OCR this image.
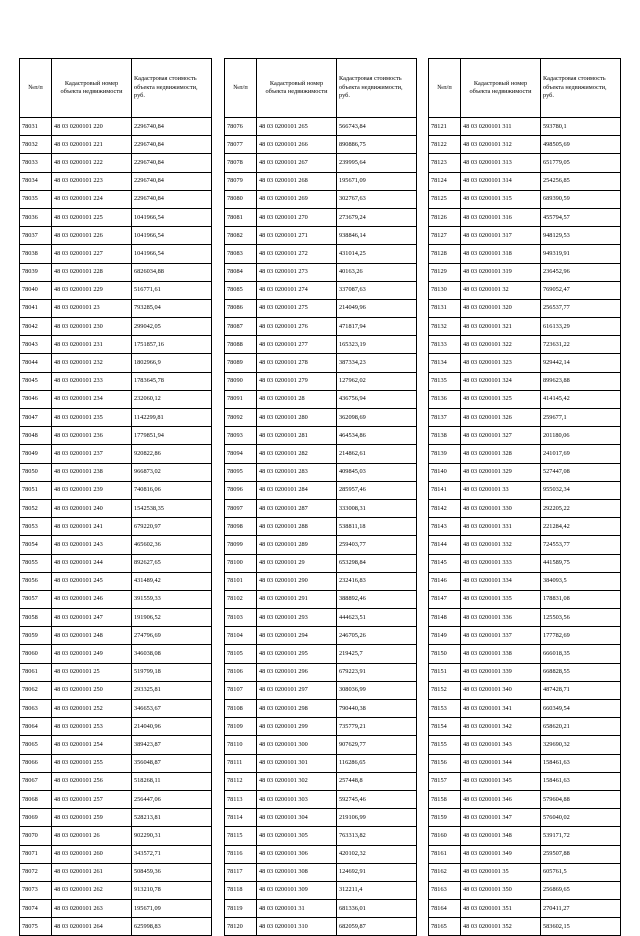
№п/п	Кадастровый номер объекта недвижимости	Кадастровая стоимость объекта недвижимости, руб.
78031	48 03 0200101 220	2296740,84
78032	48 03 0200101 221	2296740,84
78033	48 03 0200101 222	2296740,84
78034	48 03 0200101 223	2296740,84
78035	48 03 0200101 224	2296740,84
78036	48 03 0200101 225	1041966,54
78037	48 03 0200101 226	1041966,54
78038	48 03 0200101 227	1041966,54
78039	48 03 0200101 228	6826034,88
78040	48 03 0200101 229	516771,61
78041	48 03 0200101 23	793285,04
78042	48 03 0200101 230	299042,05
78043	48 03 0200101 231	1751857,16
78044	48 03 0200101 232	1802966,9
78045	48 03 0200101 233	1783645,78
78046	48 03 0200101 234	232060,12
78047	48 03 0200101 235	1142299,81
78048	48 03 0200101 236	1779851,94
78049	48 03 0200101 237	920822,86
78050	48 03 0200101 238	966873,02
78051	48 03 0200101 239	740816,06
78052	48 03 0200101 240	1542538,35
78053	48 03 0200101 241	679220,97
78054	48 03 0200101 243	465602,36
78055	48 03 0200101 244	892627,65
78056	48 03 0200101 245	431489,42
78057	48 03 0200101 246	391559,33
78058	48 03 0200101 247	191906,52
78059	48 03 0200101 248	274796,69
78060	48 03 0200101 249	346038,08
78061	48 03 0200101 25	519799,18
78062	48 03 0200101 250	293325,81
78063	48 03 0200101 252	346653,67
78064	48 03 0200101 253	214040,96
78065	48 03 0200101 254	389423,87
78066	48 03 0200101 255	356048,87
78067	48 03 0200101 256	518268,11
78068	48 03 0200101 257	256447,06
78069	48 03 0200101 259	528213,81
78070	48 03 0200101 26	902290,31
78071	48 03 0200101 260	343572,71
78072	48 03 0200101 261	508459,36
78073	48 03 0200101 262	913210,78
78074	48 03 0200101 263	195671,09
78075	48 03 0200101 264	625998,83
№п/п	Кадастровый номер объекта недвижимости	Кадастровая стоимость объекта недвижимости, руб.
78076	48 03 0200101 265	566743,84
78077	48 03 0200101 266	890886,75
78078	48 03 0200101 267	239995,64
78079	48 03 0200101 268	195671,09
78080	48 03 0200101 269	302767,63
78081	48 03 0200101 270	273679,24
78082	48 03 0200101 271	938846,14
78083	48 03 0200101 272	431014,25
78084	48 03 0200101 273	40163,26
78085	48 03 0200101 274	337087,63
78086	48 03 0200101 275	214049,96
78087	48 03 0200101 276	471817,94
78088	48 03 0200101 277	165323,19
78089	48 03 0200101 278	387334,23
78090	48 03 0200101 279	127962,02
78091	48 03 0200101 28	436756,94
78092	48 03 0200101 280	362098,69
78093	48 03 0200101 281	464534,86
78094	48 03 0200101 282	214862,61
78095	48 03 0200101 283	409845,03
78096	48 03 0200101 284	285957,46
78097	48 03 0200101 287	333008,31
78098	48 03 0200101 288	538811,18
78099	48 03 0200101 289	259403,77
78100	48 03 0200101 29	653298,84
78101	48 03 0200101 290	232416,83
78102	48 03 0200101 291	388892,46
78103	48 03 0200101 293	444623,51
78104	48 03 0200101 294	246705,26
78105	48 03 0200101 295	219425,7
78106	48 03 0200101 296	679223,91
78107	48 03 0200101 297	308036,99
78108	48 03 0200101 298	790440,38
78109	48 03 0200101 299	735779,21
78110	48 03 0200101 300	907629,77
78111	48 03 0200101 301	116286,65
78112	48 03 0200101 302	257448,8
78113	48 03 0200101 303	592745,46
78114	48 03 0200101 304	219106,99
78115	48 03 0200101 305	763313,82
78116	48 03 0200101 306	420102,32
78117	48 03 0200101 308	124692,91
78118	48 03 0200101 309	312211,4
78119	48 03 0200101 31	681336,01
78120	48 03 0200101 310	682059,87
№п/п	Кадастровый номер объекта недвижимости	Кадастровая стоимость объекта недвижимости, руб.
78121	48 03 0200101 311	593780,1
78122	48 03 0200101 312	498505,69
78123	48 03 0200101 313	651779,05
78124	48 03 0200101 314	254256,85
78125	48 03 0200101 315	689390,59
78126	48 03 0200101 316	455794,57
78127	48 03 0200101 317	948129,53
78128	48 03 0200101 318	949319,91
78129	48 03 0200101 319	236452,96
78130	48 03 0200101 32	769052,47
78131	48 03 0200101 320	256537,77
78132	48 03 0200101 321	616133,29
78133	48 03 0200101 322	723631,22
78134	48 03 0200101 323	929442,14
78135	48 03 0200101 324	899623,88
78136	48 03 0200101 325	414145,42
78137	48 03 0200101 326	259677,1
78138	48 03 0200101 327	201180,06
78139	48 03 0200101 328	241017,69
78140	48 03 0200101 329	527447,08
78141	48 03 0200101 33	955032,34
78142	48 03 0200101 330	292205,22
78143	48 03 0200101 331	221284,42
78144	48 03 0200101 332	724553,77
78145	48 03 0200101 333	441589,75
78146	48 03 0200101 334	384093,5
78147	48 03 0200101 335	178831,08
78148	48 03 0200101 336	125503,56
78149	48 03 0200101 337	177782,69
78150	48 03 0200101 338	666018,35
78151	48 03 0200101 339	668828,55
78152	48 03 0200101 340	487428,71
78153	48 03 0200101 341	660349,54
78154	48 03 0200101 342	658620,21
78155	48 03 0200101 343	329690,32
78156	48 03 0200101 344	158461,63
78157	48 03 0200101 345	158461,63
78158	48 03 0200101 346	579604,88
78159	48 03 0200101 347	576040,02
78160	48 03 0200101 348	539171,72
78161	48 03 0200101 349	259507,88
78162	48 03 0200101 35	605761,5
78163	48 03 0200101 350	256869,65
78164	48 03 0200101 351	270411,27
78165	48 03 0200101 352	583602,15
